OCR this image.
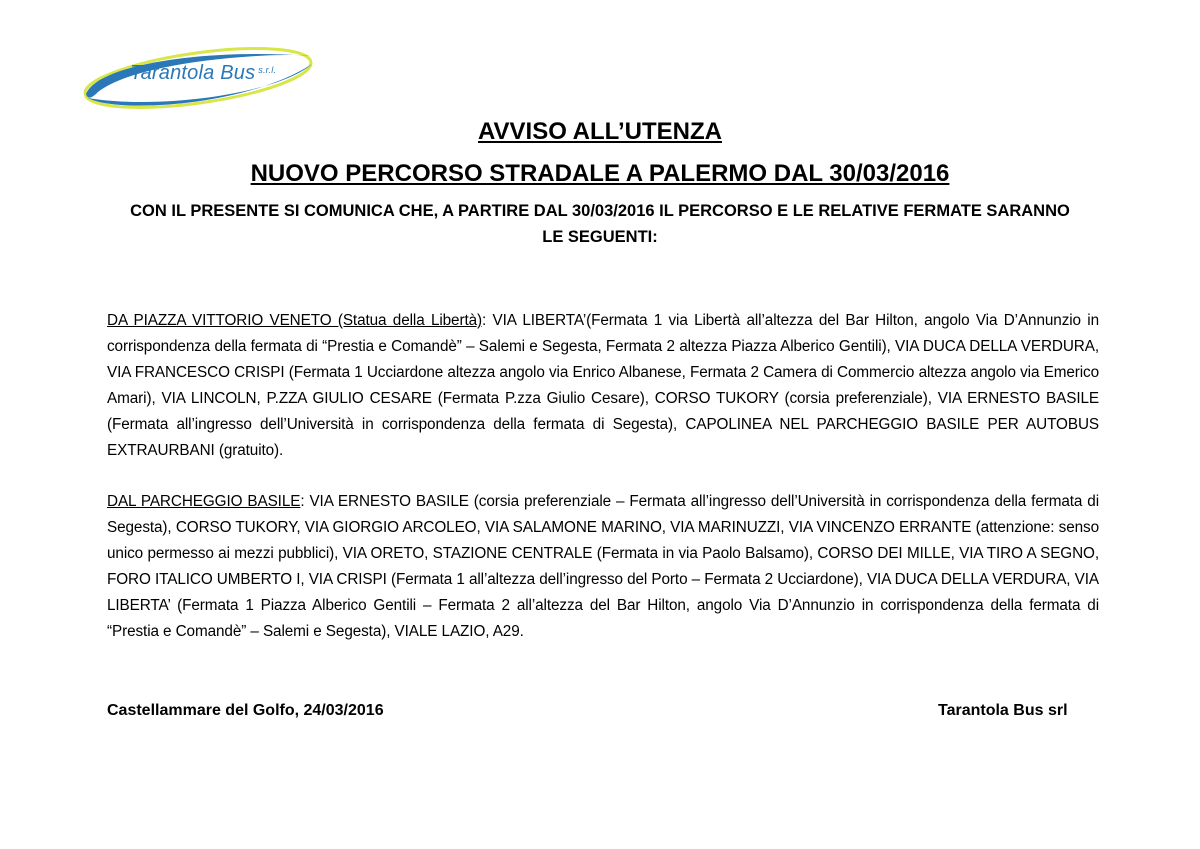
Tarantola Bus $^{s.r.l.}$
AVVISO ALL’UTENZA
NUOVO PERCORSO STRADALE A PALERMO DAL 30/03/2016
CON IL PRESENTE SI COMUNICA CHE, A PARTIRE DAL 30/03/2016 IL PERCORSO E LE RELATIVE FERMATE SARANNO LE SEGUENTI:
DA PIAZZA VITTORIO VENETO (Statua della Libertà): VIA LIBERTA’(Fermata 1 via Libertà all’altezza del Bar Hilton, angolo Via D’Annunzio in corrispondenza della fermata di “Prestia e Comandè” – Salemi e Segesta, Fermata 2 altezza Piazza Alberico Gentili), VIA DUCA DELLA VERDURA, VIA FRANCESCO CRISPI (Fermata 1 Ucciardone altezza angolo via Enrico Albanese, Fermata 2 Camera di Commercio altezza angolo via Emerico Amari), VIA LINCOLN, P.ZZA GIULIO CESARE (Fermata P.zza Giulio Cesare), CORSO TUKORY (corsia preferenziale), VIA ERNESTO BASILE (Fermata all’ingresso dell’Università in corrispondenza della fermata di Segesta), CAPOLINEA NEL PARCHEGGIO BASILE PER AUTOBUS EXTRAURBANI (gratuito).
DAL PARCHEGGIO BASILE: VIA ERNESTO BASILE (corsia preferenziale – Fermata all’ingresso dell’Università in corrispondenza della fermata di Segesta), CORSO TUKORY, VIA GIORGIO ARCOLEO, VIA SALAMONE MARINO, VIA MARINUZZI, VIA VINCENZO ERRANTE (attenzione: senso unico permesso ai mezzi pubblici), VIA ORETO, STAZIONE CENTRALE (Fermata in via Paolo Balsamo), CORSO DEI MILLE, VIA TIRO A SEGNO, FORO ITALICO UMBERTO I, VIA CRISPI (Fermata 1 all’altezza dell’ingresso del Porto – Fermata 2 Ucciardone), VIA DUCA DELLA VERDURA, VIA LIBERTA’ (Fermata 1 Piazza Alberico Gentili – Fermata 2 all’altezza del Bar Hilton, angolo Via D’Annunzio in corrispondenza della fermata di “Prestia e Comandè” – Salemi e Segesta), VIALE LAZIO, A29.
Castellammare del Golfo, 24/03/2016	Tarantola Bus srl
